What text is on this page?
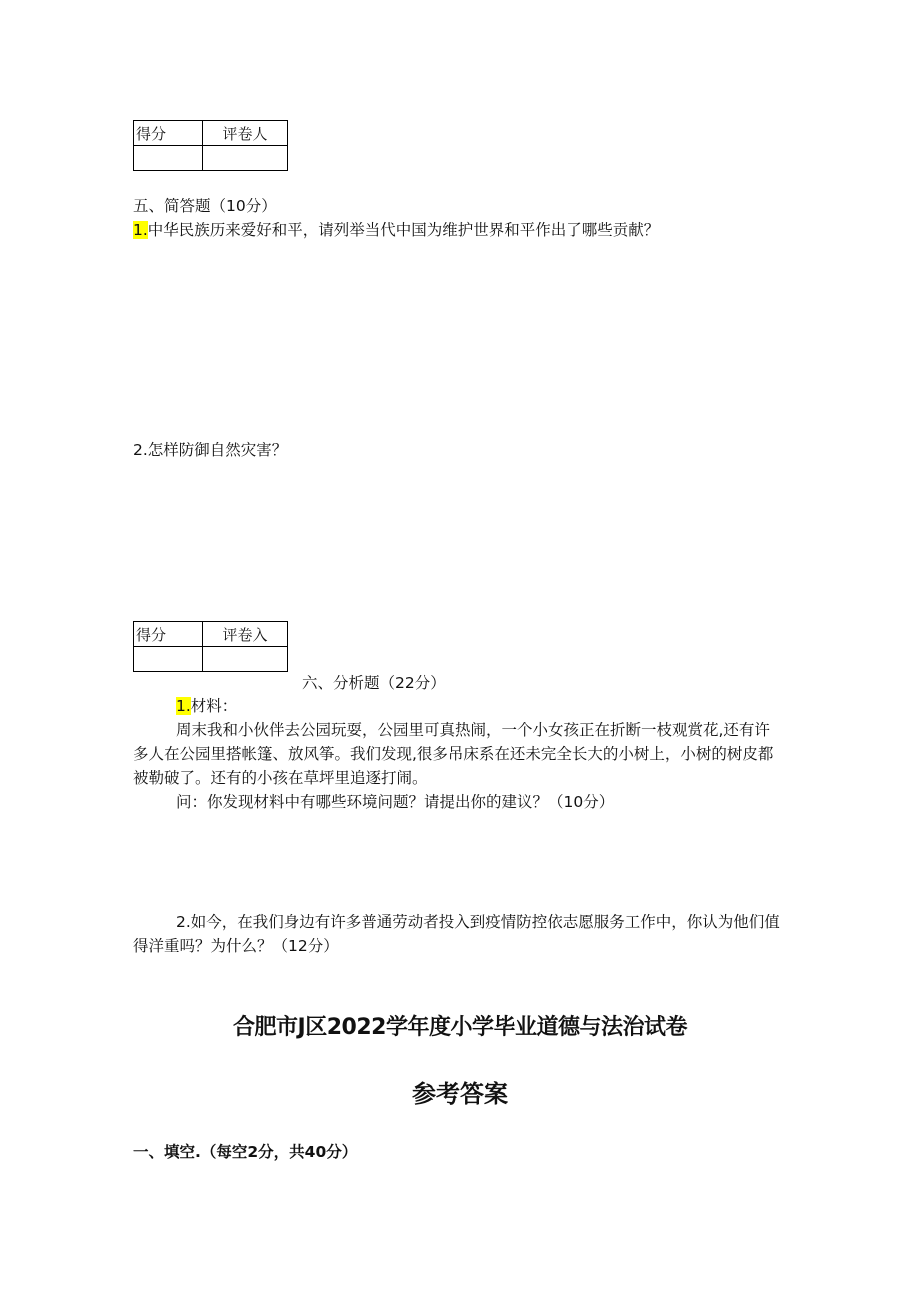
得分	评卷人

五、简答题（10分）
1.中华民族历来爱好和平，请列举当代中国为维护世界和平作出了哪些贡献？
2.怎样防御自然灾害？
得分	评卷入

六、分析题（22分）
1.材料：
周末我和小伙伴去公园玩耍，公园里可真热闹，一个小女孩正在折断一枝观赏花,还有许
多人在公园里搭帐篷、放风筝。我们发现,很多吊床系在还未完全长大的小树上，小树的树皮都
被勒破了。还有的小孩在草坪里追逐打闹。
问：你发现材料中有哪些环境问题？请提出你的建议？（10分）
2.如今，在我们身边有许多普通劳动者投入到疫情防控依志愿服务工作中，你认为他们值
得洋重吗？为什么？（12分）
合肥市J区2022学年度小学毕业道德与法治试卷
参考答案
一、填空.（每空2分，共40分）
